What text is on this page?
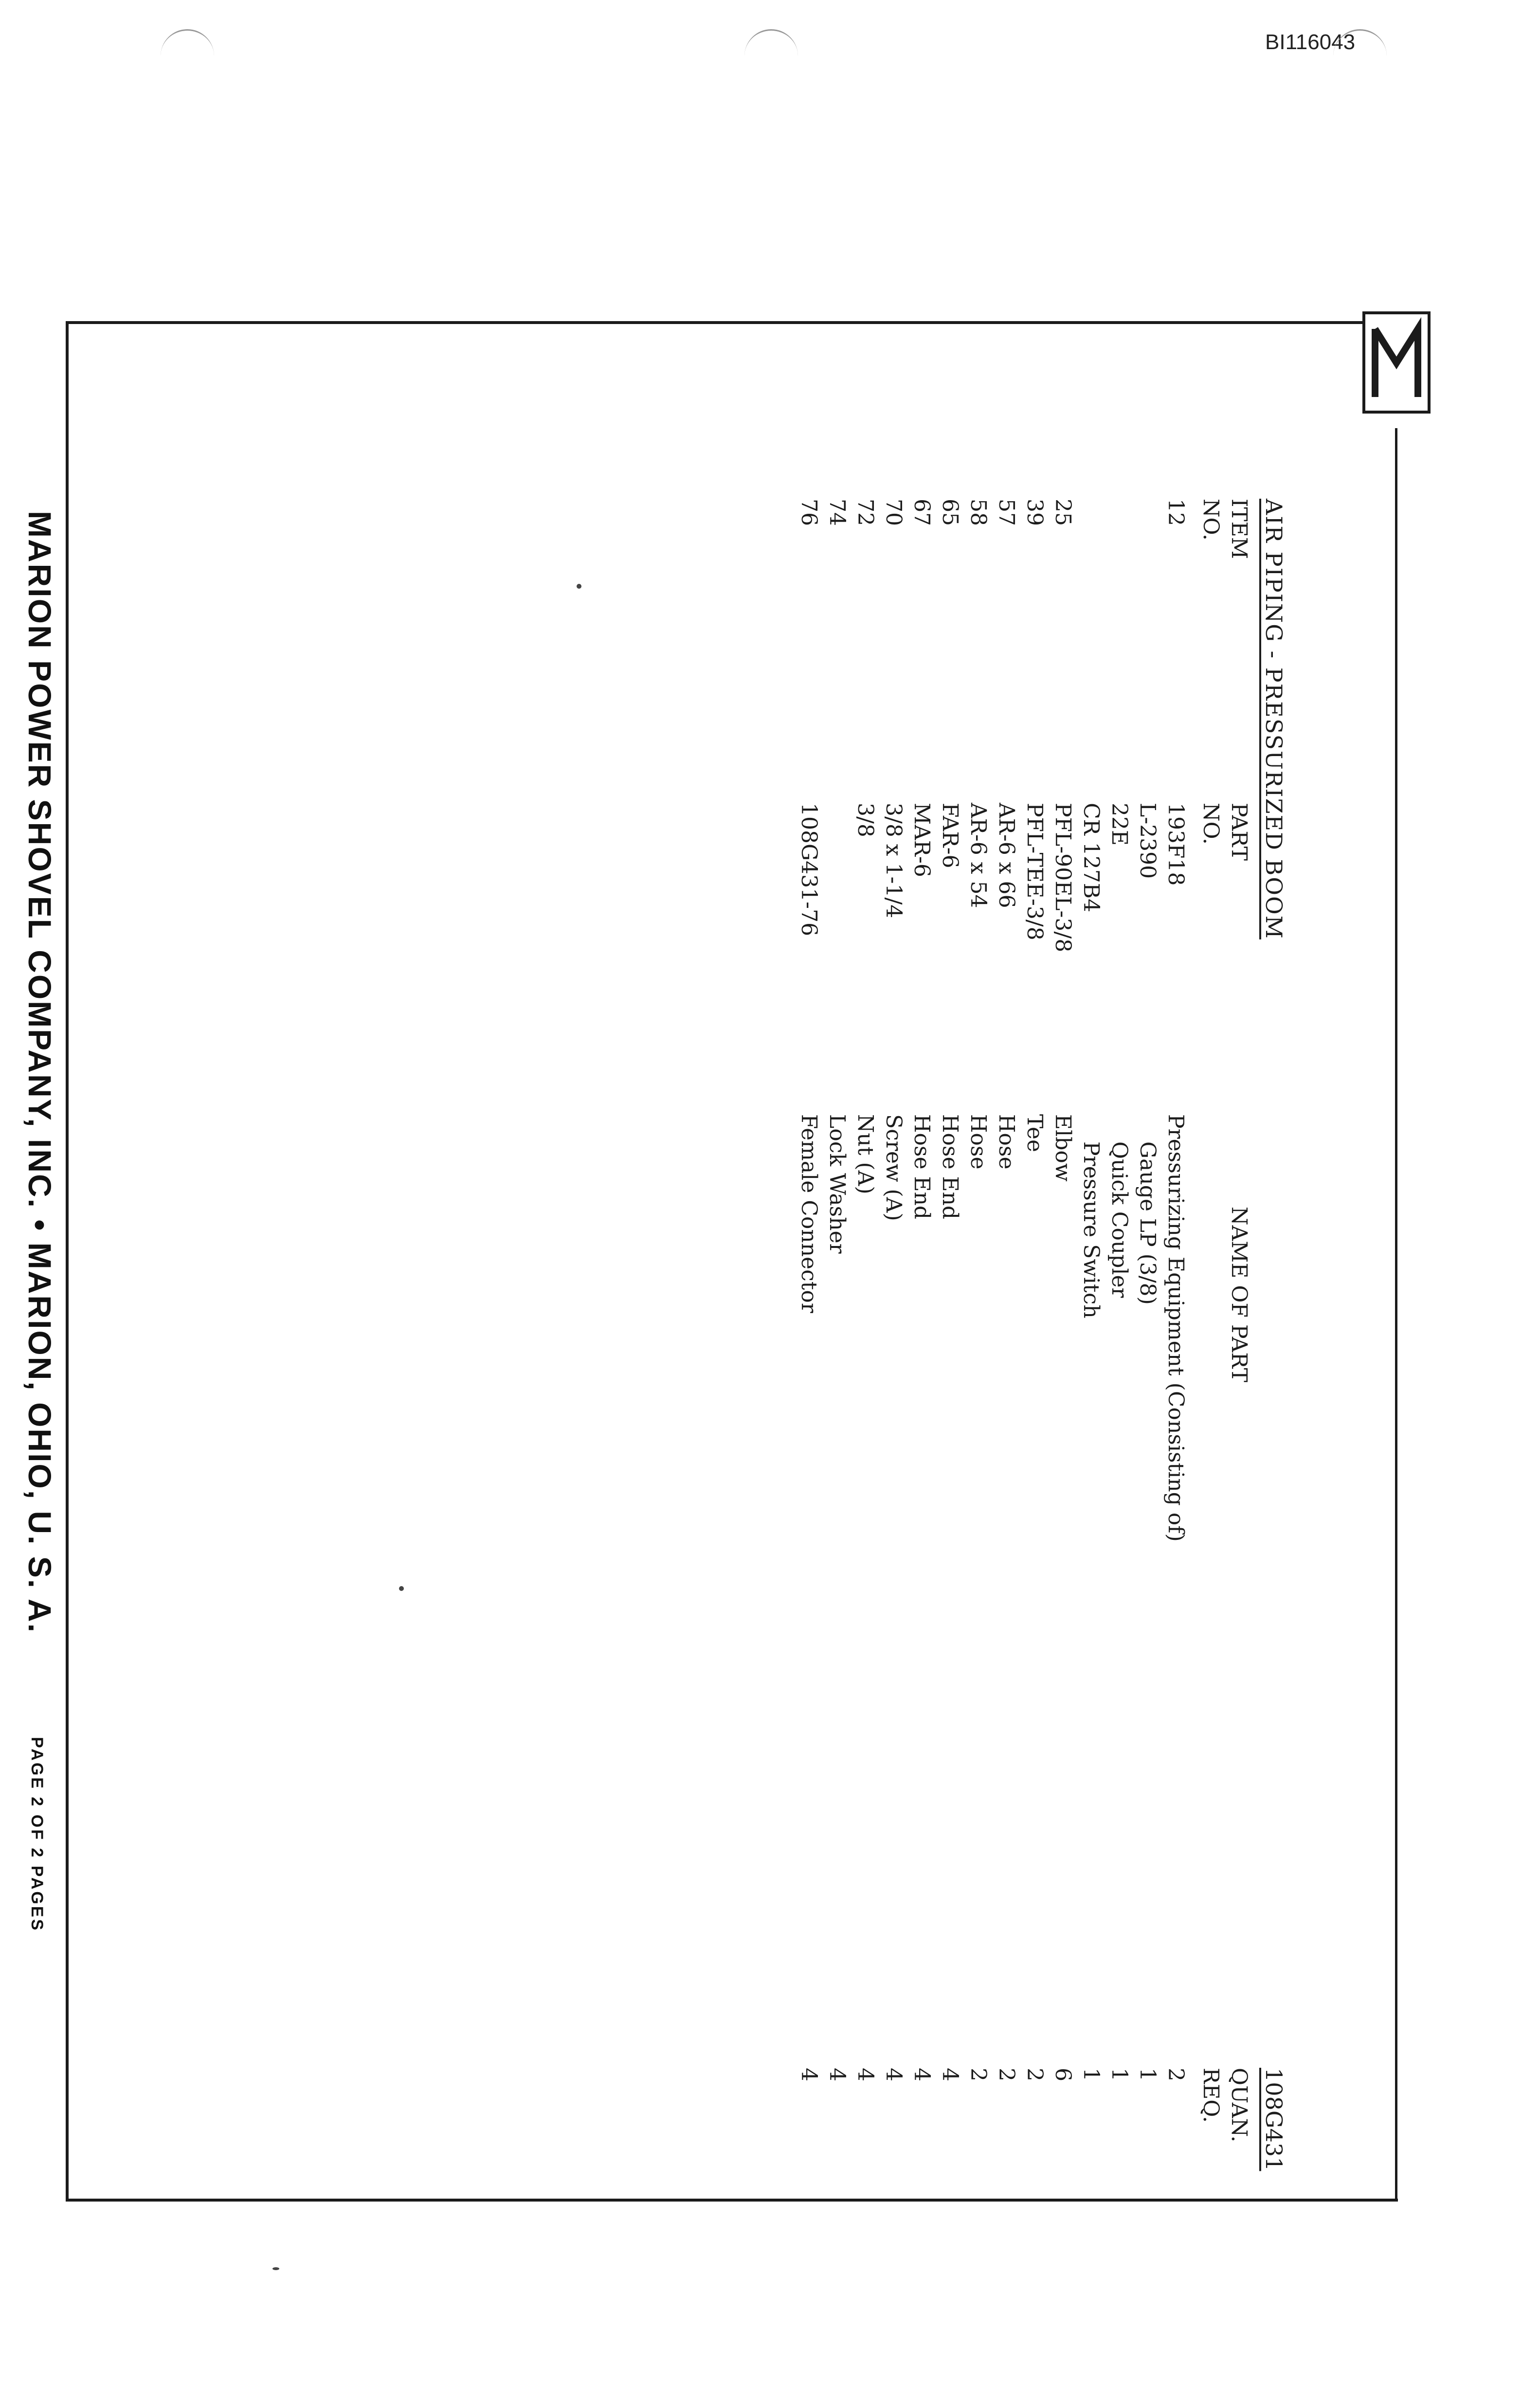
BI116043
AIR PIPING - PRESSURIZED BOOM
108G431
ITEM
NO.
PART
NO.
NAME OF PART
QUAN.
REQ.
12
25
39
57
58
65
67
70
72
74
76
193F18
L-2390
22E
CR 127B4
PFL-90EL-3/8
PFL-TEE-3/8
AR-6 x 66
AR-6 x 54
FAR-6
MAR-6
3/8 x 1-1/4
3/8
108G431-76
Pressurizing Equipment (Consisting of)
Gauge LP (3/8)
Quick Coupler
Pressure Switch
Elbow
Tee
Hose
Hose
Hose End
Hose End
Screw (A)
Nut (A)
Lock Washer
Female Connector
2
1
1
1
6
2
2
2
4
4
4
4
4
4
MARION POWER SHOVEL COMPANY, INC. • MARION, OHIO, U. S. A.
PAGE 2 OF 2 PAGES
